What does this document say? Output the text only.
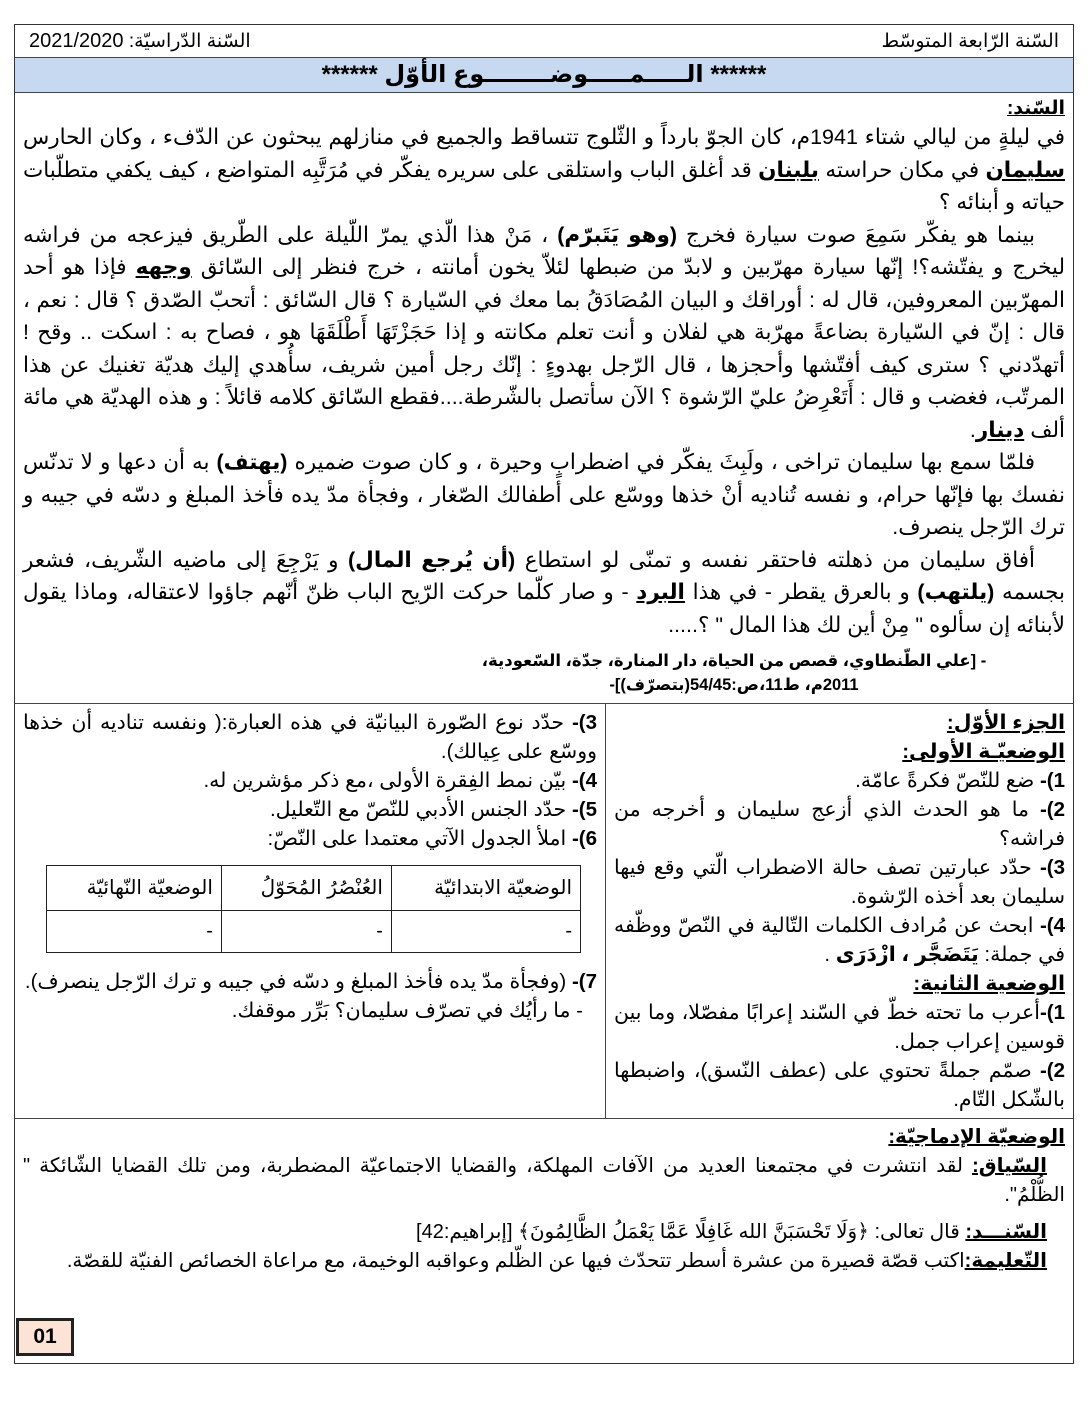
السّنة الرّابعة المتوسّط
السّنة الدّراسيّة: 2021/2020
****** الـــــمـــــوضــــــــوع الأوّل ******
السّند:

في ليلةٍ من ليالي شتاء 1941م، كان الجوّ بارداً و الثّلوج تتساقط والجميع في منازلهم يبحثون عن الدّفء ، وكان الحارس سليمان في مكان حراسته بلبنان قد أغلق الباب واستلقى على سريره يفكّر في مُرَتَّبِه المتواضع ، كيف يكفي متطلّبات حياته و أبنائه ؟

بينما هو يفكّر سَمِعَ صوت سيارة فخرج (وهو يَتَبرّم) ، مَنْ هذا الّذي يمرّ اللّيلة على الطّريق فيزعجه من فراشه ليخرج و يفتّشه؟! إنّها سيارة مهرّبين و لابدّ من ضبطها لئلاّ يخون أمانته ، خرج فنظر إلى السّائق وجهه فإذا هو أحد المهرّبين المعروفين، قال له : أوراقك و البيان المُصَادَقُ بما معك في السّيارة ؟ قال السّائق : أتحبّ الصّدق ؟ قال : نعم ، قال : إنّ في السّيارة بضاعةً مهرّبة هي لفلان و أنت تعلم مكانته و إذا حَجَزْتَهَا أَطْلَقَهَا هو ، فصاح به : اسكت .. وقح ! أتهدّدني ؟ سترى كيف أفتّشها وأحجزها ، قال الرّجل بهدوءٍ : إنّك رجل أمين شريف، سأُهدي إليك هديّة تغنيك عن هذا المرتّب، فغضب و قال : أَتَعْرِضُ عليّ الرّشوة ؟ الآن سأتصل بالشّرطة....فقطع السّائق كلامه قائلاً : و هذه الهديّة هي مائة ألف دينار.

فلمّا سمع بها سليمان تراخى ، ولَبِثَ يفكّر في اضطرابٍ وحيرة ، و كان صوت ضميره (يهتف) به أن دعها و لا تدنّس نفسك بها فإنّها حرام، و نفسه تُناديه أنْ خذها ووسّع على أطفالك الصّغار ، وفجأة مدّ يده فأخذ المبلغ و دسّه في جيبه و ترك الرّجل ينصرف.

أفاق سليمان من ذهلته فاحتقر نفسه و تمنّى لو استطاع (أن يُرجع المال) و يَرْجِعَ إلى ماضيه الشّريف، فشعر بجسمه (يلتهب) و بالعرق يقطر - في هذا البرد - و صار كلّما حركت الرّيح الباب ظنّ أنّهم جاؤوا لاعتقاله، وماذا يقول لأبنائه إن سألوه " مِنْ أين لك هذا المال " ؟.....

- [علي الطّنطاوي، قصص من الحياة، دار المنارة، جدّة، السّعودية،
2011م، ط11،ص:54/45(بتصرّف)]-

الجزء الأوّل:

الوضعيّـة الأولى:

1)- ضع للنّصّ فكرةً عامّة.

2)- ما هو الحدث الذي أزعج سليمان و أخرجه من فراشه؟

3)- حدّد عبارتين تصف حالة الاضطراب الّتي وقع فيها سليمان بعد أخذه الرّشوة.

4)- ابحث عن مُرادف الكلمات التّالية في النّصّ ووظّفه في جملة: يَتَضَجَّر ، ازْدَرَى .

الوضعية الثانية:

1)-أعرب ما تحته خطّ في السّند إعرابًا مفصّلا، وما بين قوسين إعراب جمل.

2)- صمّم جملةً تحتوي على (عطف النّسق)، واضبطها بالشّكل التّام.

3)- حدّد نوع الصّورة البيانيّة في هذه العبارة:( ونفسه تناديه أن خذها ووسّع على عِيالك).

4)- بيّن نمط الفِقرة الأولى ،مع ذكر مؤشرين له.

5)- حدّد الجنس الأدبي للنّصّ مع التّعليل.

6)- املأ الجدول الآتي معتمدا على النّصّ:

الوضعيّة الابتدائيّة	العُنْصُرُ المُحَوّلُ	الوضعيّة النّهائيّة
-	-	-

7)- (وفجأة مدّ يده فأخذ المبلغ و دسّه في جيبه و ترك الرّجل ينصرف).

- ما رأيُك في تصرّف سليمان؟ بَرِّر موقفك.

الوضعيّة الإدماجيّة:

السّياق: لقد انتشرت في مجتمعنا العديد من الآفات المهلكة، والقضايا الاجتماعيّة المضطربة، ومن تلك القضايا الشّائكة " الظُّلْمُ".

السّنـــد: قال تعالى: ﴿وَلَا تَحْسَبَنَّ الله غَافِلًا عَمَّا يَعْمَلُ الظَّالِمُونَ﴾ [إبراهيم:42]

التّعليمة:اكتب قصّة قصيرة من عشرة أسطر تتحدّث فيها عن الظّلم وعواقبه الوخيمة، مع مراعاة الخصائص الفنيّة للقصّة.

01
